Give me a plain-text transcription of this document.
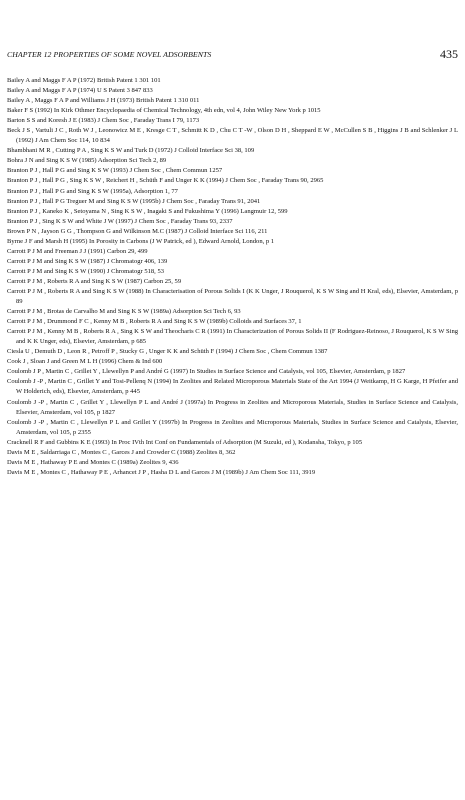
CHAPTER 12 PROPERTIES OF SOME NOVEL ADSORBENTS	435
Bailey A and Maggs F A P (1972) British Patent 1 301 101
Bailey A and Maggs F A P (1974) U S Patent 3 847 833
Bailey A , Maggs F A P and Williams J H (1973) British Patent 1 310 011
Baker F S (1992) In Kirk Othmer Encyclopaedia of Chemical Technology, 4th edn, vol 4, John Wiley New York p 1015
Barton S S and Koresh J E (1983) J Chem Soc , Faraday Trans I 79, 1173
Beck J S , Vartuli J C , Roth W J , Leonowicz M E , Kresge C T , Schmitt K D , Chu C T -W , Olson D H , Sheppard E W , McCullen S B , Higgins J B and Schlenker J L (1992) J Am Chem Soc 114, 10 834
Bhambhani M R , Cutting P A , Sing K S W and Turk D (1972) J Colloid Interface Sci 38, 109
Bohra J N and Sing K S W (1985) Adsorption Sci Tech 2, 89
Branton P J , Hall P G and Sing K S W (1993) J Chem Soc , Chem Commun 1257
Branton P J , Hall P G , Sing K S W , Reichert H , Schüth F and Unger K K (1994) J Chem Soc , Faraday Trans 90, 2965
Branton P J , Hall P G and Sing K S W (1995a), Adsorption 1, 77
Branton P J , Hall P G Treguer M and Sing K S W (1995b) J Chem Soc , Faraday Trans 91, 2041
Branton P J , Kaneko K , Setoyama N , Sing K S W , Inagaki S and Fukushima Y (1996) Langmuir 12, 599
Branton P J , Sing K S W and White J W (1997) J Chem Soc , Faraday Trans 93, 2337
Brown P N , Jayson G G , Thompson G and Wilkinson M.C (1987) J Colloid Interface Sci 116, 211
Byrne J F and Marsh H (1995) In Porosity in Carbons (J W Patrick, ed ), Edward Arnold, London, p 1
Carrott P J M and Freeman J J (1991) Carbon 29, 499
Carrott P J M and Sing K S W (1987) J Chromatogr 406, 139
Carrott P J M and Sing K S W (1990) J Chromatogr 518, 53
Carrott P J M , Roberts R A and Sing K S W (1987) Carbon 25, 59
Carrott P J M , Roberts R A and Sing K S W (1988) In Characterisation of Porous Solids I (K K Unger, J Rouquerol, K S W Sing and H Kral, eds), Elsevier, Amsterdam, p 89
Carrott P J M , Brotas de Carvalho M and Sing K S W (1989a) Adsorption Sci Tech 6, 93
Carrott P J M , Drummond F C , Kenny M B , Roberts R A and Sing K S W (1989b) Colloids and Surfaces 37, 1
Carrott P J M , Kenny M B , Roberts R A , Sing K S W and Theocharis C R (1991) In Characterization of Porous Solids II (F Rodriguez-Reinoso, J Rouquerol, K S W Sing and K K Unger, eds), Elsevier, Amsterdam, p 685
Ciesla U , Demuth D , Leon R , Petroff P , Stucky G , Unger K K and Schüth F (1994) J Chem Soc , Chem Commun 1387
Cook J , Sloan J and Green M L H (1996) Chem & Ind 600
Coulomb J P , Martin C , Grillet Y , Llewellyn P and André G (1997) In Studies in Surface Science and Catalysis, vol 105, Elsevier, Amsterdam, p 1827
Coulomb J -P , Martin C , Grillet Y and Tosi-Pellenq N (1994) In Zeolites and Related Microporous Materials State of the Art 1994 (J Weitkamp, H G Karge, H Pfeifer and W Holderich, eds), Elsevier, Amsterdam, p 445
Coulomb J -P , Martin C , Grillet Y , Llewellyn P L and André J (1997a) In Progress in Zeolites and Microporous Materials, Studies in Surface Science and Catalysis, Elsevier, Amsterdam, vol 105, p 1827
Coulomb J -P , Martin C , Llewellyn P L and Grillet Y (1997b) In Progress in Zeolites and Microporous Materials, Studies in Surface Science and Catalysis, Elsevier, Amsterdam, vol 105, p 2355
Cracknell R F and Gubbins K E (1993) In Proc IVth Int Conf on Fundamentals of Adsorption (M Suzuki, ed ), Kodansha, Tokyo, p 105
Davis M E , Saldarriaga C , Montes C , Garces J and Crowder C (1988) Zeolites 8, 362
Davis M E , Hathaway P E and Montes C (1989a) Zeolites 9, 436
Davis M E , Montes C , Hathaway P E , Arhancet J P , Hasha D L and Garces J M (1989b) J Am Chem Soc 111, 3919
